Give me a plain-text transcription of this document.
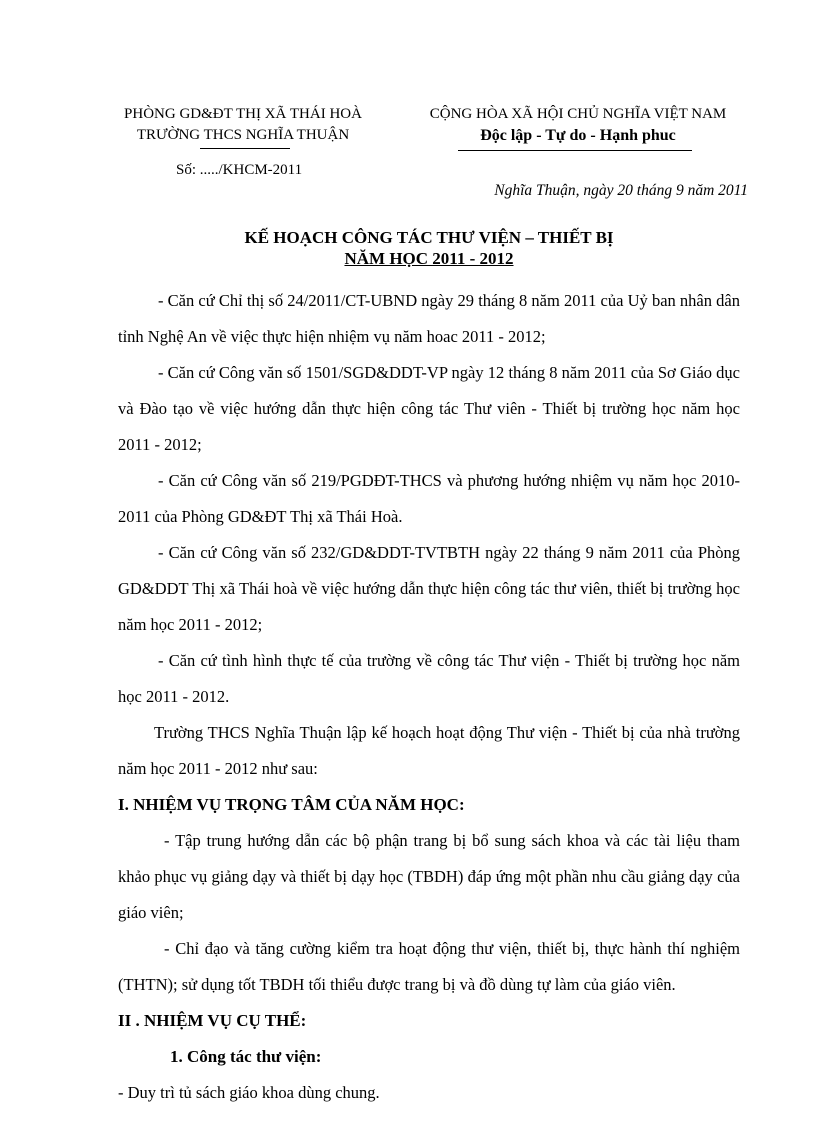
PHÒNG GD&ĐT THỊ XÃ THÁI HOÀ
TRƯỜNG THCS NGHĨA THUẬN
Số: ...../KHCM-2011
CỘNG HÒA XÃ HỘI CHỦ NGHĨA VIỆT NAM
Độc lập - Tự do - Hạnh phuc
Nghĩa Thuận, ngày 20 tháng 9 năm 2011
KẾ HOẠCH CÔNG TÁC THƯ VIỆN – THIẾT BỊ
NĂM HỌC 2011 - 2012

- Căn cứ Chỉ thị số 24/2011/CT-UBND ngày 29 tháng 8 năm 2011 của Uỷ ban nhân dân tỉnh Nghệ An về việc thực hiện nhiệm vụ năm hoac 2011 - 2012;

- Căn cứ Công văn số 1501/SGD&DDT-VP ngày 12 tháng 8 năm 2011 của Sơ Giáo dục và Đào tạo về việc hướng dẫn thực hiện công tác Thư viên - Thiết bị trường học năm học 2011 - 2012;

- Căn cứ Công văn số 219/PGDĐT-THCS và phương hướng nhiệm vụ năm học 2010-2011 của Phòng GD&ĐT Thị xã Thái Hoà.

- Căn cứ Công văn số 232/GD&DDT-TVTBTH ngày 22 tháng 9 năm 2011 của Phòng GD&DDT Thị xã Thái hoà về việc hướng dẫn thực hiện công tác thư viên, thiết bị trường học năm học 2011 - 2012;

- Căn cứ tình hình thực tế của trường về công tác Thư viện - Thiết bị trường học năm học 2011 - 2012.

Trường THCS Nghĩa Thuận lập kế hoạch hoạt động Thư viện - Thiết bị của nhà trường năm học 2011 - 2012 như sau:

I. NHIỆM VỤ TRỌNG TÂM CỦA NĂM HỌC:

- Tập trung hướng dẫn các bộ phận trang bị bổ sung sách khoa và các tài liệu tham khảo phục vụ giảng dạy và thiết bị dạy học (TBDH) đáp ứng một phần nhu cầu giảng dạy của giáo viên;

- Chỉ đạo và tăng cường kiểm tra hoạt động thư viện, thiết bị, thực hành thí nghiệm (THTN); sử dụng tốt TBDH tối thiểu được trang bị và đồ dùng tự làm của giáo viên.

II . NHIỆM VỤ CỤ THỂ:

1. Công tác thư viện:

- Duy trì tủ sách giáo khoa dùng chung.
